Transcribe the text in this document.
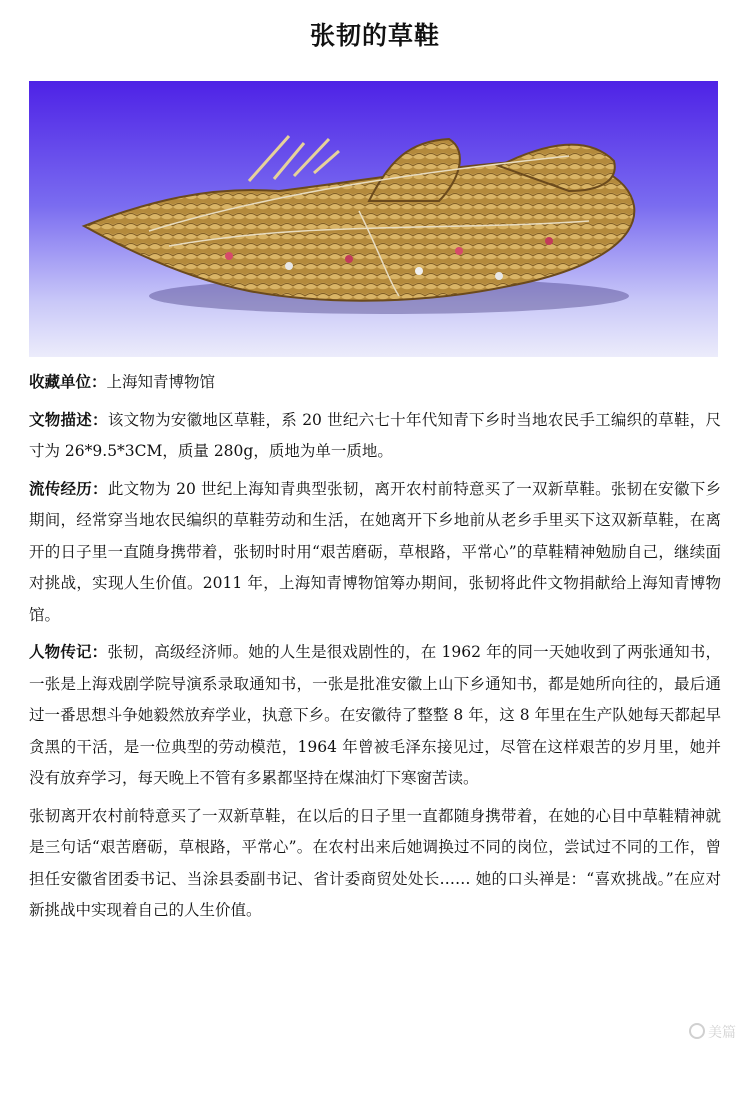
张韧的草鞋

收藏单位：上海知青博物馆

文物描述：该文物为安徽地区草鞋，系 20 世纪六七十年代知青下乡时当地农民手工编织的草鞋，尺寸为 26*9.5*3CM，质量 280g，质地为单一质地。

流传经历：此文物为 20 世纪上海知青典型张韧，离开农村前特意买了一双新草鞋。张韧在安徽下乡期间，经常穿当地农民编织的草鞋劳动和生活，在她离开下乡地前从老乡手里买下这双新草鞋，在离开的日子里一直随身携带着，张韧时时用“艰苦磨砺，草根路，平常心”的草鞋精神勉励自己，继续面对挑战，实现人生价值。2011 年，上海知青博物馆筹办期间，张韧将此件文物捐献给上海知青博物馆。

人物传记：张韧，高级经济师。她的人生是很戏剧性的，在 1962 年的同一天她收到了两张通知书，一张是上海戏剧学院导演系录取通知书，一张是批准安徽上山下乡通知书，都是她所向往的，最后通过一番思想斗争她毅然放弃学业，执意下乡。在安徽待了整整 8 年，这 8 年里在生产队她每天都起早贪黑的干活，是一位典型的劳动模范，1964 年曾被毛泽东接见过，尽管在这样艰苦的岁月里，她并没有放弃学习，每天晚上不管有多累都坚持在煤油灯下寒窗苦读。

张韧离开农村前特意买了一双新草鞋，在以后的日子里一直都随身携带着，在她的心目中草鞋精神就是三句话“艰苦磨砺，草根路，平常心”。在农村出来后她调换过不同的岗位，尝试过不同的工作，曾担任安徽省团委书记、当涂县委副书记、省计委商贸处处长…… 她的口头禅是：“喜欢挑战。”在应对新挑战中实现着自己的人生价值。

美篇
